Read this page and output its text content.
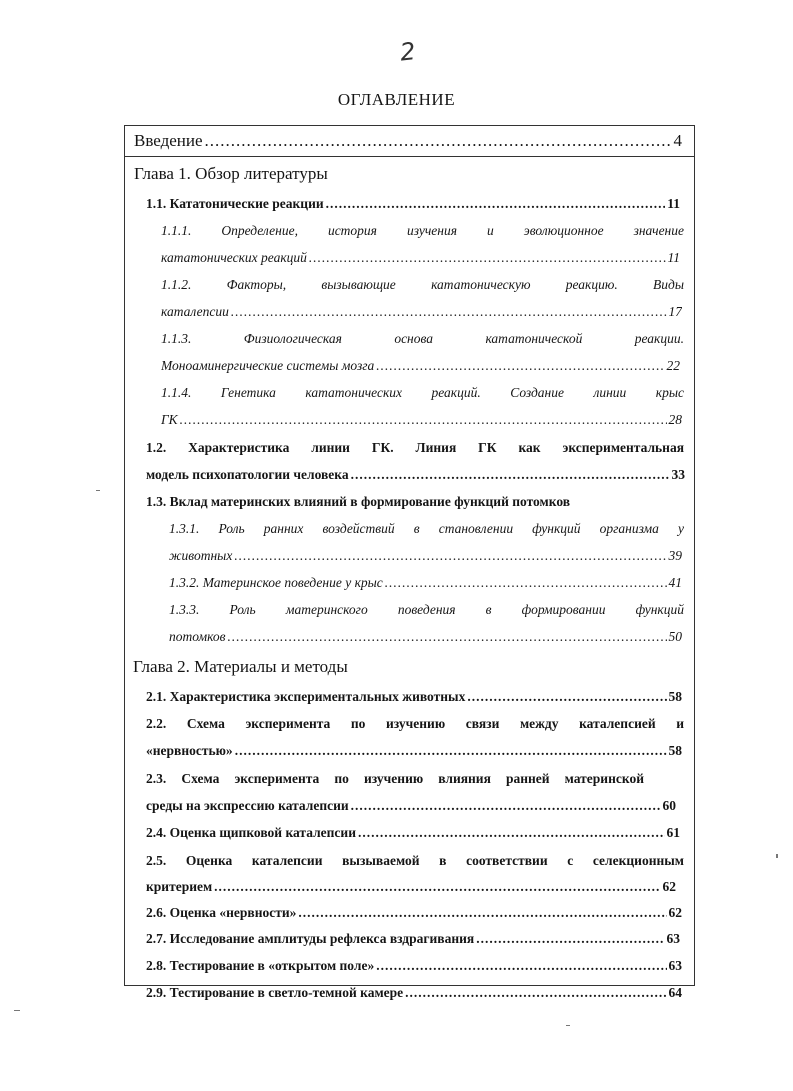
2
ОГЛАВЛЕНИЕ
Введение .....	4
Глава 1. Обзор литературы
1.1. Кататонические реакции .....	11
1.1.1. Определение, история изучения и эволюционное значение
кататонических реакций .....	11
1.1.2. Факторы, вызывающие кататоническую реакцию. Виды
каталепсии .....	17
1.1.3. Физиологическая основа кататонической реакции.
Моноаминергические системы мозга .....	22
1.1.4. Генетика кататонических реакций. Создание линии крыс
ГК .....	28
1.2. Характеристика линии ГК. Линия ГК как экспериментальная
модель психопатологии человека .....	33
1.3. Вклад материнских влияний в формирование функций потомков
1.3.1. Роль ранних воздействий в становлении функций организма у
животных .....	39
1.3.2. Материнское поведение у крыс .....	41
1.3.3. Роль материнского поведения в формировании функций
потомков .....	50
Глава 2. Материалы и методы
2.1. Характеристика экспериментальных животных .....	58
2.2. Схема эксперимента по изучению связи между каталепсией и
«нервностью» .....	58
2.3. Схема эксперимента по изучению влияния ранней материнской
среды на экспрессию каталепсии .....	60
2.4. Оценка щипковой каталепсии .....	61
2.5. Оценка каталепсии вызываемой в соответствии с селекционным
критерием .....	62
2.6. Оценка «нервности» .....	62
2.7. Исследование амплитуды рефлекса вздрагивания .....	63
2.8. Тестирование в «открытом поле» .....	63
2.9. Тестирование в светло-темной камере .....	64
